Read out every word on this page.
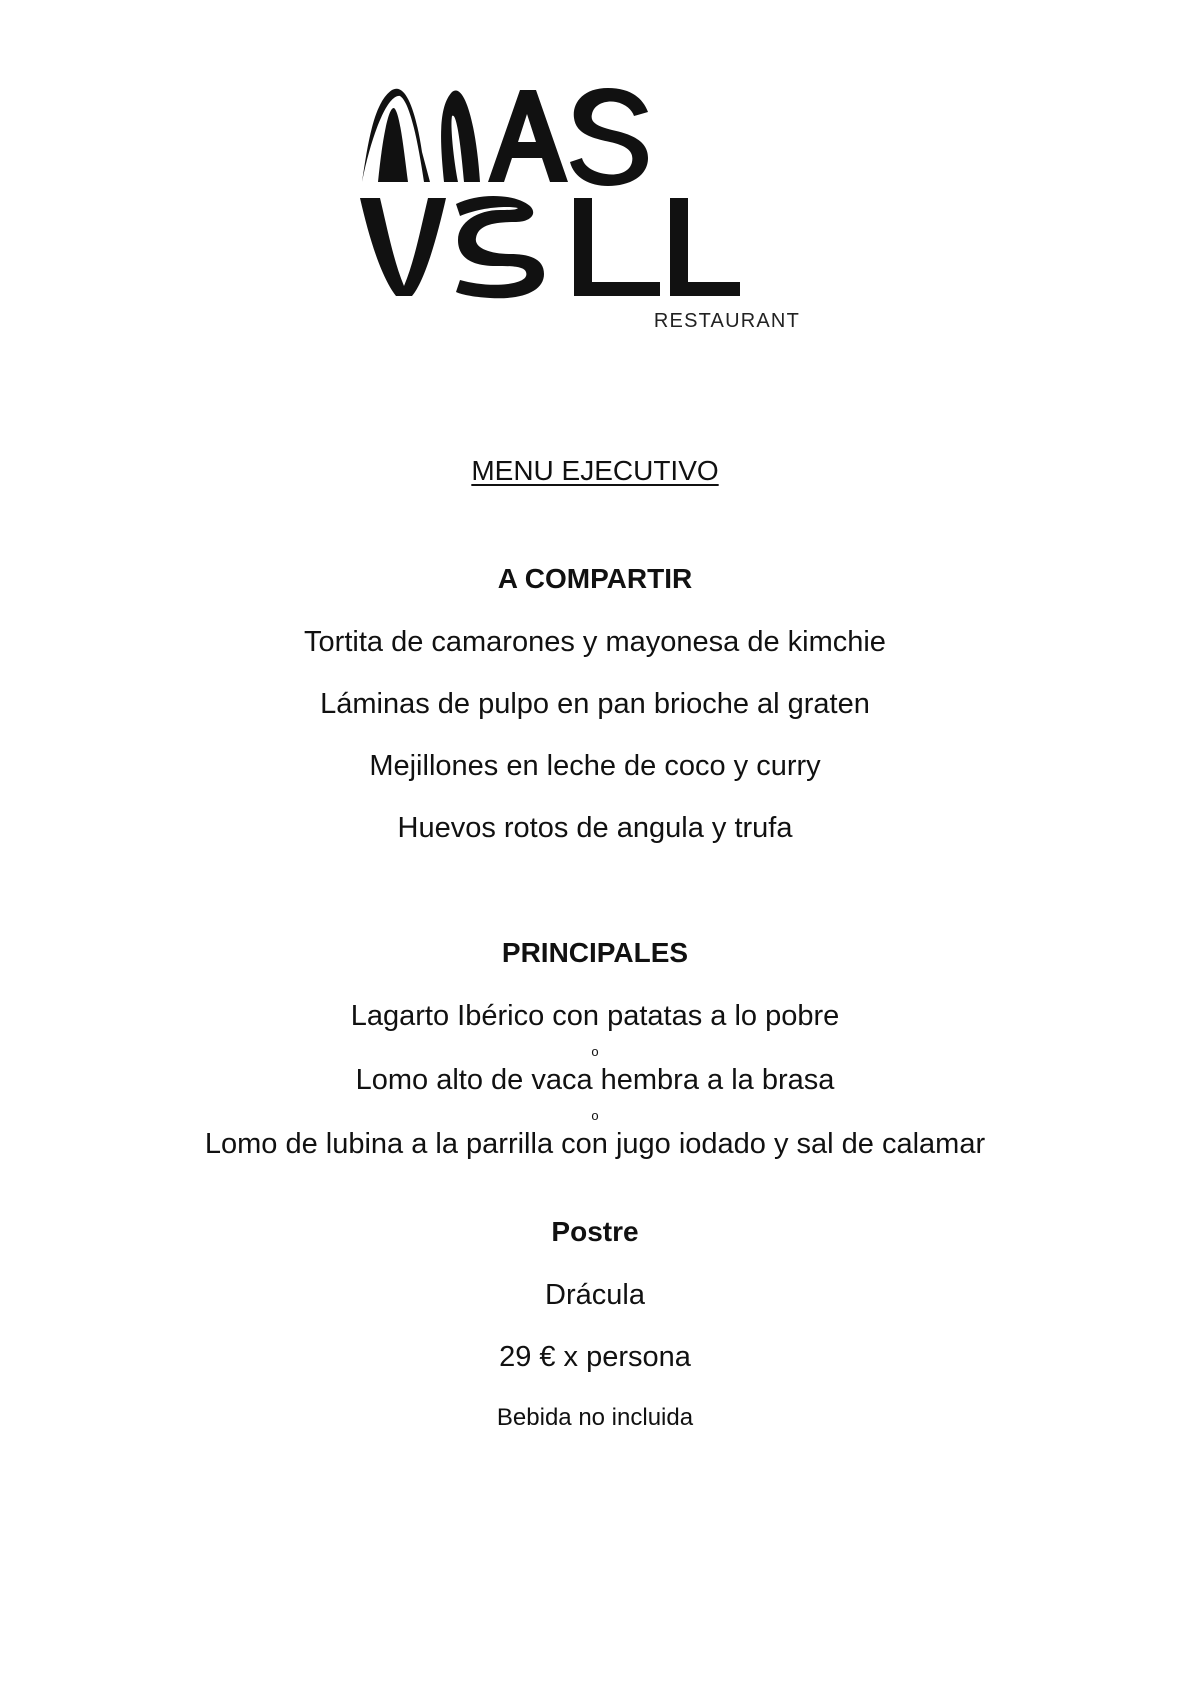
RESTAURANT
MENU EJECUTIVO
A COMPARTIR
Tortita de camarones y mayonesa de kimchie
Láminas de pulpo en pan brioche al graten
Mejillones en leche de coco y curry
Huevos rotos de angula y trufa
PRINCIPALES
Lagarto Ibérico con patatas a lo pobre
o
Lomo alto de vaca hembra a la brasa
o
Lomo de lubina a la parrilla con jugo iodado y sal de calamar
Postre
Drácula
29 € x persona
Bebida no incluida
